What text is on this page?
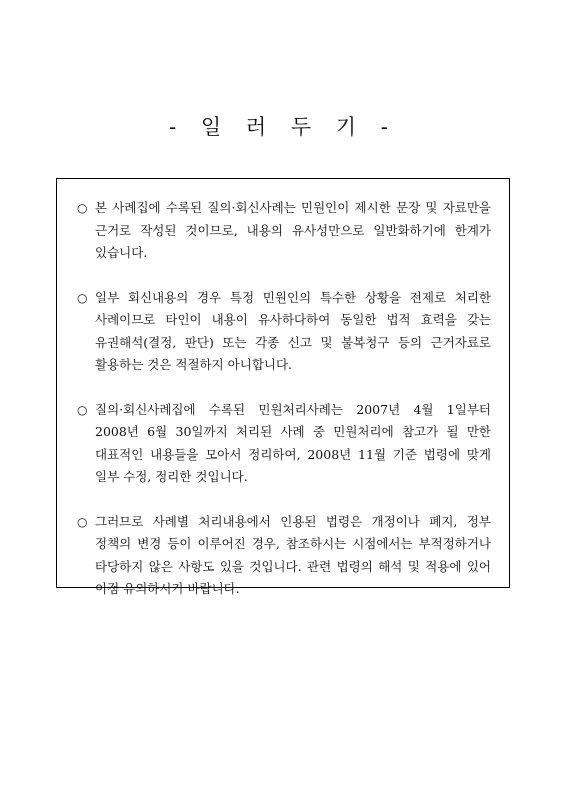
- 일 러 두 기 -
○ 본 사례집에 수록된 질의·회신사례는 민원인이 제시한 문장 및 자료만을 근거로 작성된 것이므로, 내용의 유사성만으로 일반화하기에 한계가 있습니다.
○ 일부 회신내용의 경우 특정 민원인의 특수한 상황을 전제로 처리한 사례이므로 타인이 내용이 유사하다하여 동일한 법적 효력을 갖는 유권해석(결정, 판단) 또는 각종 신고 및 불복청구 등의 근거자료로 활용하는 것은 적절하지 아니합니다.
○ 질의·회신사례집에 수록된 민원처리사례는 2007년 4월 1일부터 2008년 6월 30일까지 처리된 사례 중 민원처리에 참고가 될 만한 대표적인 내용들을 모아서 정리하여, 2008년 11월 기준 법령에 맞게 일부 수정, 정리한 것입니다.
○ 그러므로 사례별 처리내용에서 인용된 법령은 개정이나 폐지, 정부 정책의 변경 등이 이루어진 경우, 참조하시는 시점에서는 부적정하거나 타당하지 않은 사항도 있을 것입니다. 관련 법령의 해석 및 적용에 있어 이점 유의하시기 바랍니다.
